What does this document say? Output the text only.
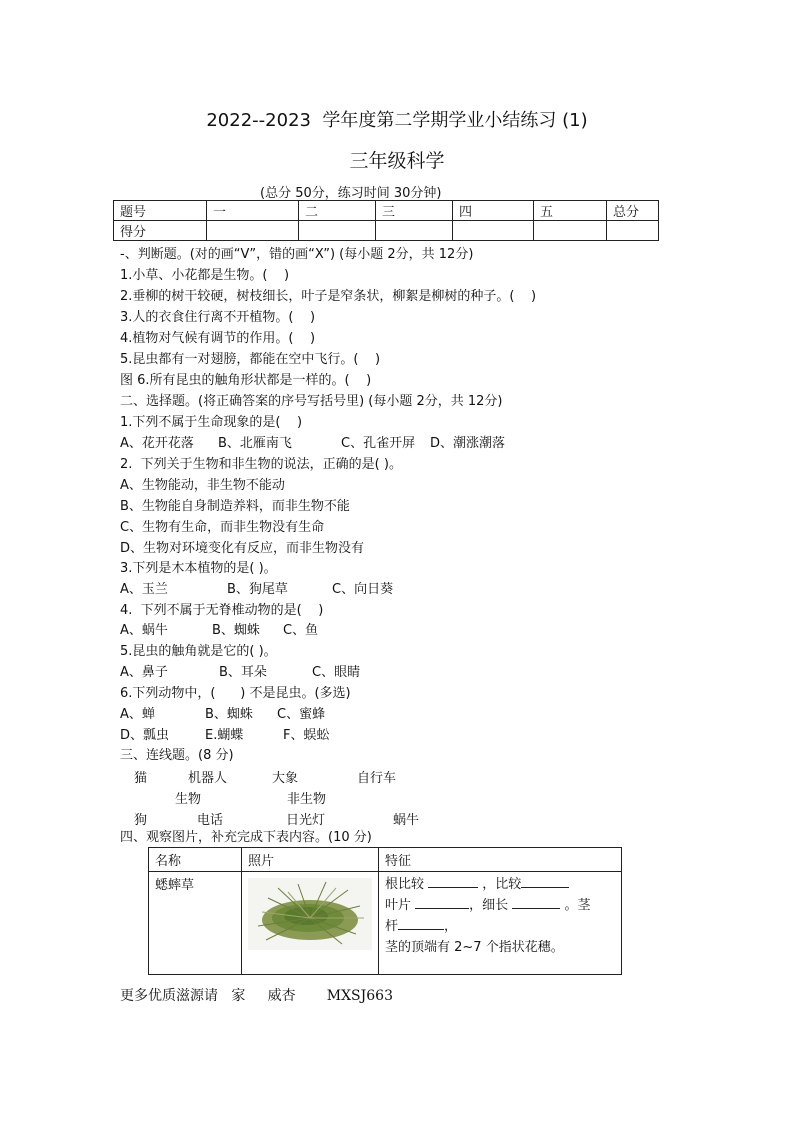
2022--2023  学年度第二学期学业小结练习 (1)
三年级科学
(总分 50分，练习时间 30分钟)
题号	一	二	三	四	五	总分
得分						
-、判断题。(对的画“V”，错的画“X”) (每小题 2分，共 12分)
1.小草、小花都是生物。(    )
2.垂柳的树干较硬，树枝细长，叶子是窄条状，柳絮是柳树的种子。(    )
3.人的衣食住行离不开植物。(    )
4.植物对气候有调节的作用。(    )
5.昆虫都有一对翅膀，都能在空中飞行。(    )
图 6.所有昆虫的触角形状都是一样的。(    )
二、选择题。(将正确答案的序号写括号里) (每小题 2分，共 12分)
1.下列不属于生命现象的是(    )
A、花开花落 B、北雁南飞	C、孔雀开屏 D、潮涨潮落
2.  下列关于生物和非生物的说法，正确的是( )。
A、生物能动，非生物不能动
B、生物能自身制造养料，而非生物不能
C、生物有生命，而非生物没有生命
D、生物对环境变化有反应，而非生物没有
3.下列是木本植物的是( )。
A、玉兰	B、狗尾草	C、向日葵
4.  下列不属于无脊椎动物的是(    )
A、蜗牛	B、蜘蛛 C、鱼
5.昆虫的触角就是它的( )。
A、鼻子	B、耳朵	C、眼睛
6.下列动物中，(      ) 不是昆虫。(多选)
A、蝉	B、蜘蛛 C、蜜蜂
D、瓢虫	E.蝴蝶	F、蜈蚣
三、连线题。(8 分)
猫	机器人	大象	自行车
生物	非生物
狗	电话	日光灯	蜗牛
四、观察图片，补充完成下表内容。(10 分)
名称	照片	特征
蟋蟀草		根比较 ，比较
叶片 ，细长 。茎
杆 ，
茎的顶端有 2~7 个指状花穗。
更多优质滋源请   家     威杏       MXSJ663
